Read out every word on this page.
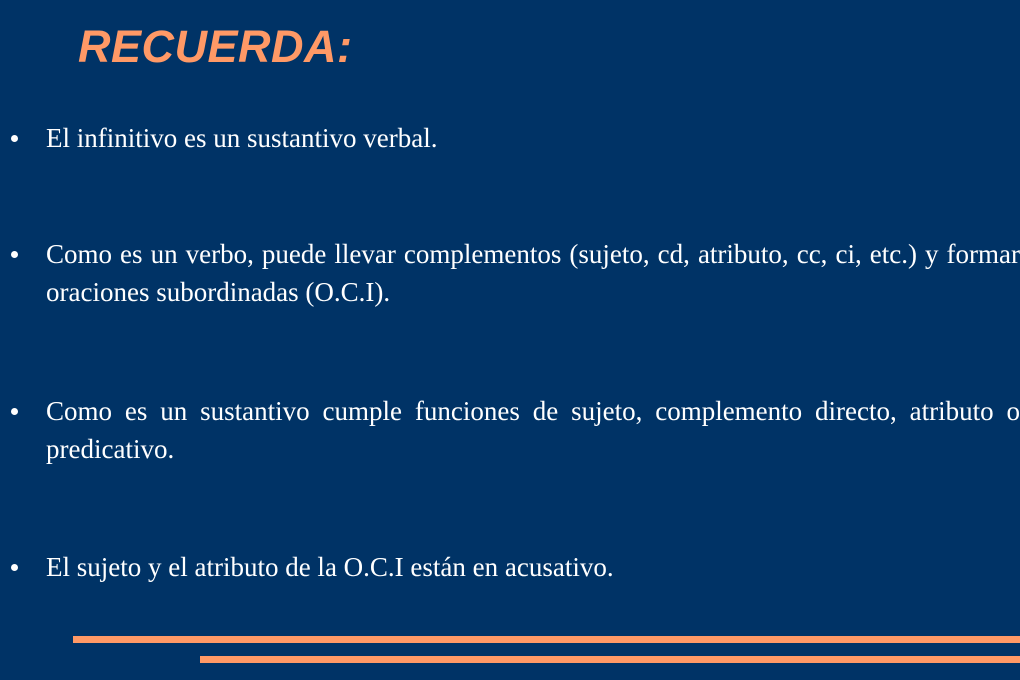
RECUERDA:
El infinitivo es un sustantivo verbal.
Como es un verbo, puede llevar complementos (sujeto, cd, atributo, cc, ci, etc.) y formar oraciones subordinadas (O.C.I).
Como es un sustantivo cumple funciones de sujeto, complemento directo, atributo o predicativo.
El sujeto y el atributo de la O.C.I están en acusativo.
